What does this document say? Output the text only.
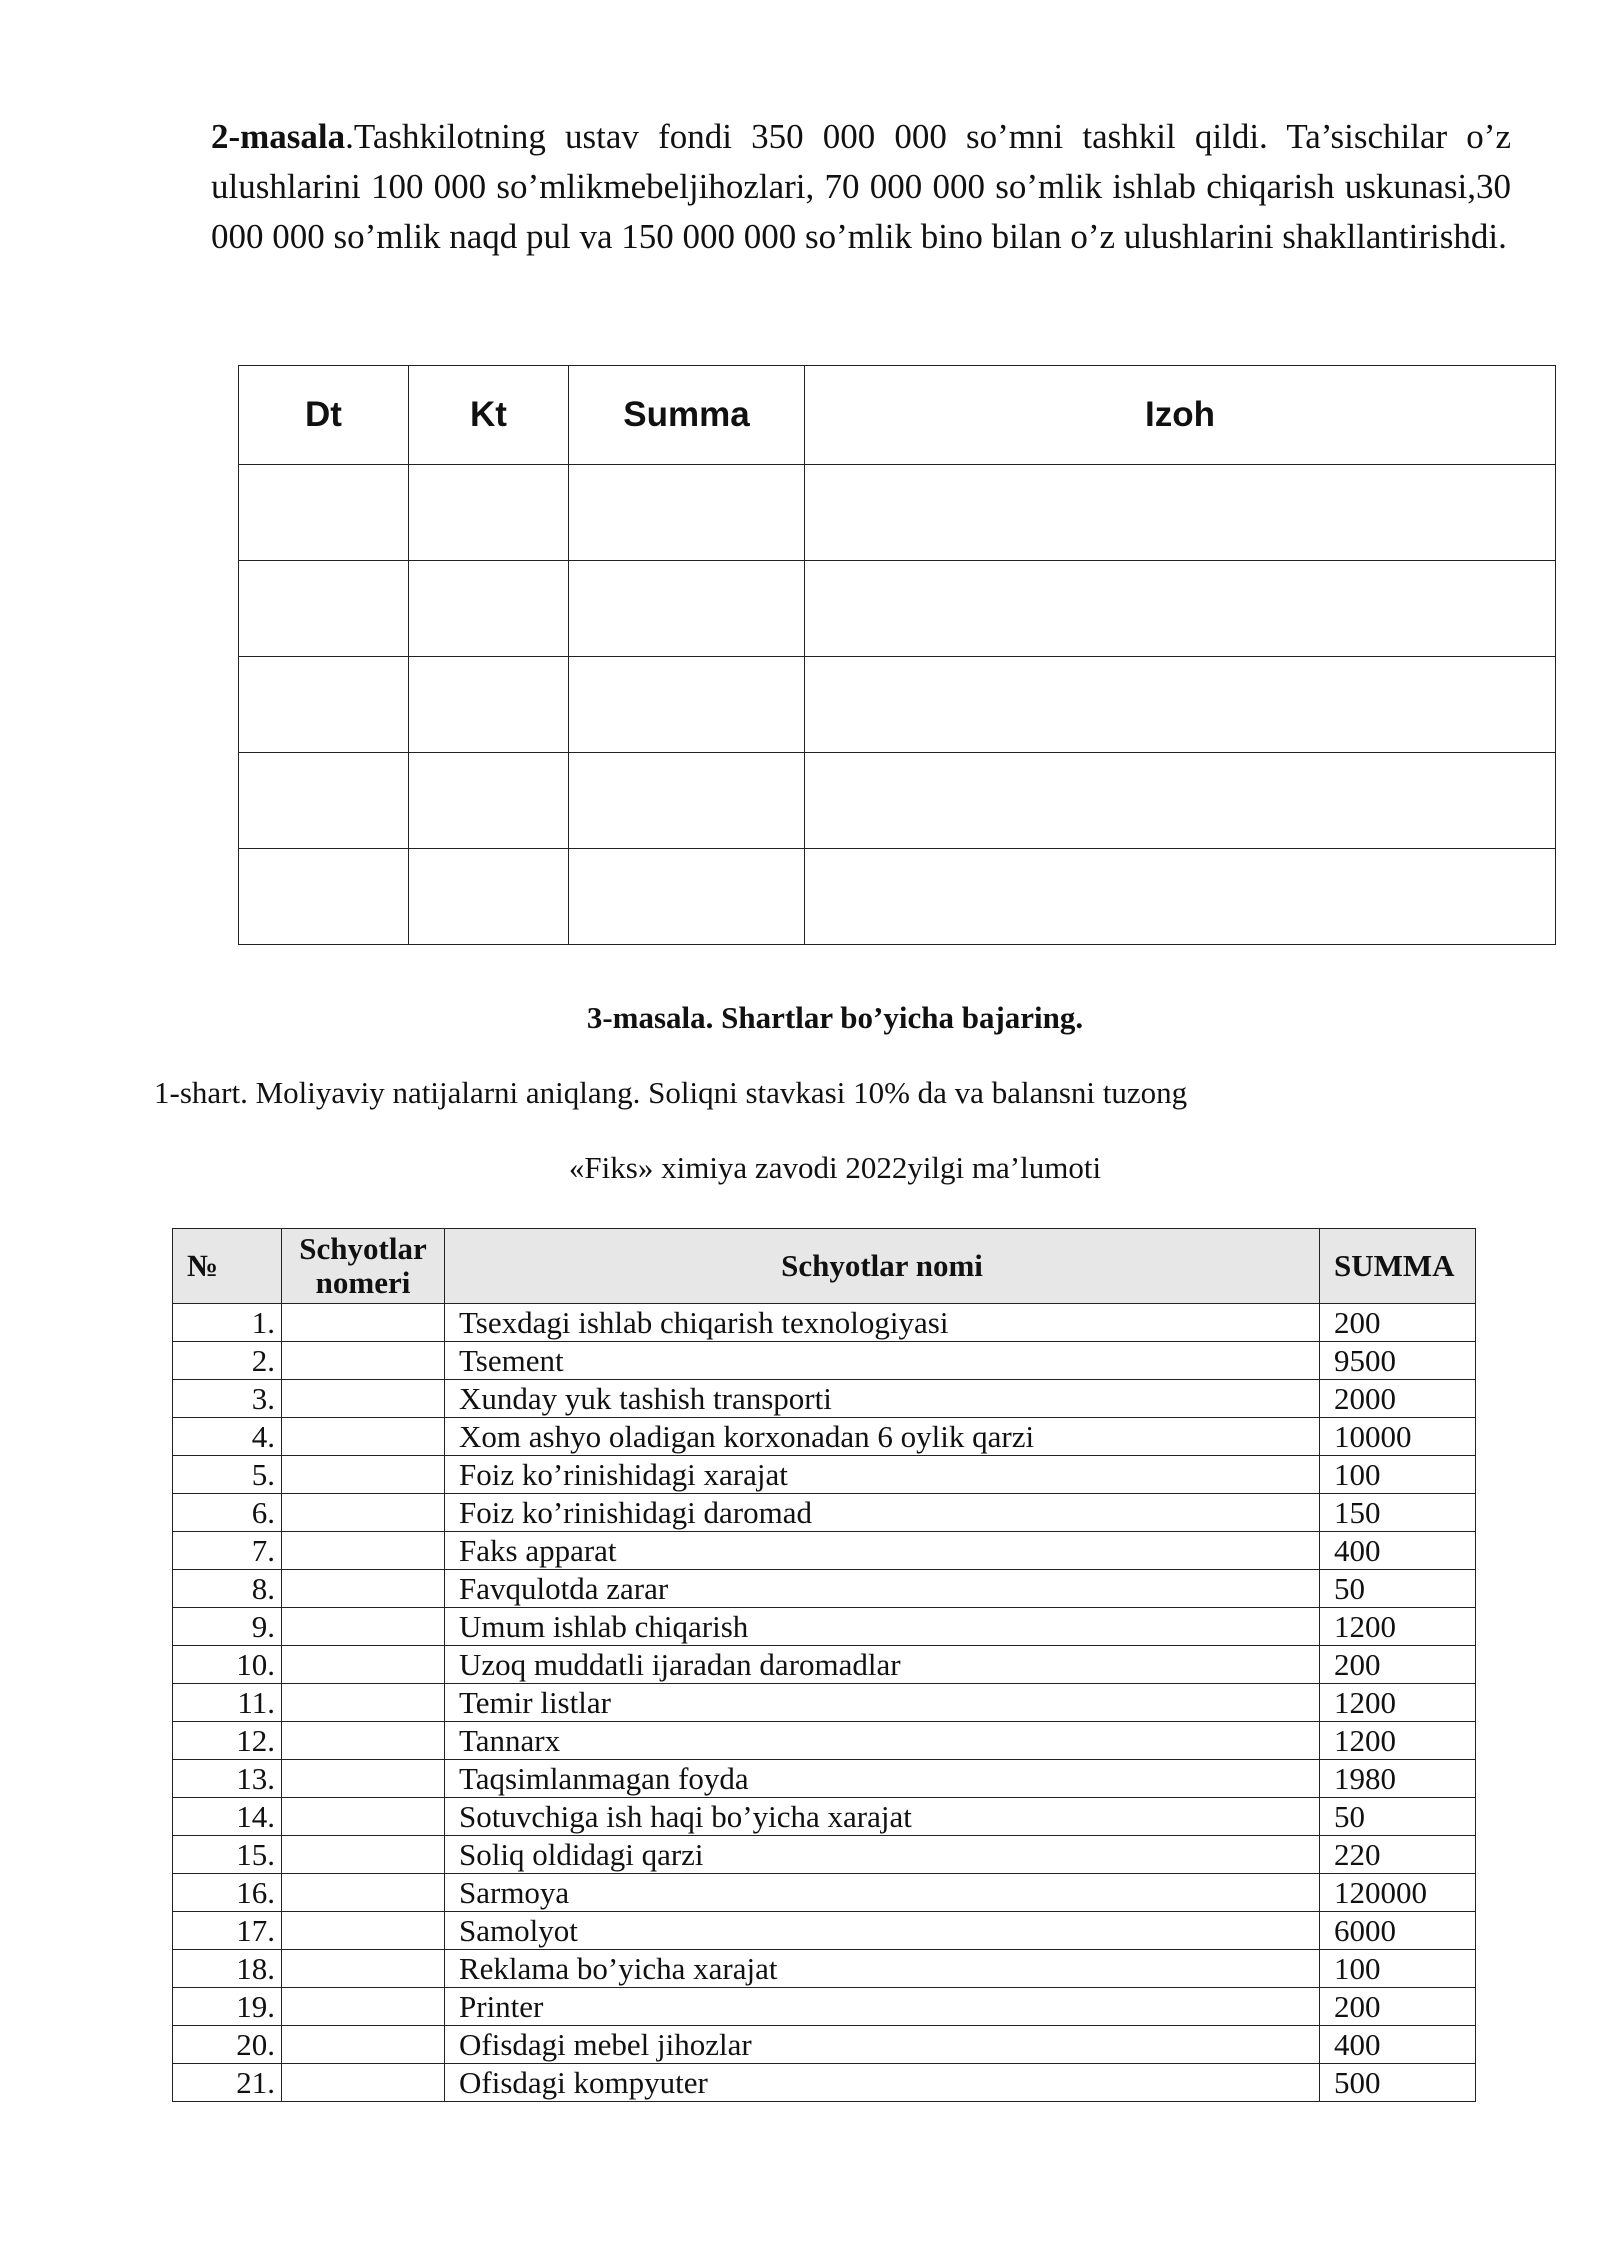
2-masala.Tashkilotning ustav fondi 350 000 000 so’mni tashkil qildi. Ta’sischilar o’z ulushlarini 100 000 so’mlikmebeljihozlari, 70 000 000 so’mlik ishlab chiqarish uskunasi,30 000 000 so’mlik naqd pul va 150 000 000 so’mlik bino bilan o’z ulushlarini shakllantirishdi.
Dt	Kt	Summa	Izoh

3-masala. Shartlar bo’yicha bajaring.
1-shart. Moliyaviy natijalarni aniqlang. Soliqni stavkasi 10% da va balansni tuzong
«Fiks» ximiya zavodi 2022yilgi ma’lumoti
№	Schyotlar nomeri	Schyotlar nomi	SUMMA
1.		Tsexdagi ishlab chiqarish texnologiyasi	200
2.		Tsement	9500
3.		Xunday yuk tashish transporti	2000
4.		Xom ashyo oladigan korxonadan 6 oylik qarzi	10000
5.		Foiz ko’rinishidagi xarajat	100
6.		Foiz ko’rinishidagi daromad	150
7.		Faks apparat	400
8.		Favqulotda zarar	50
9.		Umum ishlab chiqarish	1200
10.		Uzoq muddatli ijaradan daromadlar	200
11.		Temir listlar	1200
12.		Tannarx	1200
13.		Taqsimlanmagan foyda	1980
14.		Sotuvchiga ish haqi bo’yicha xarajat	50
15.		Soliq oldidagi qarzi	220
16.		Sarmoya	120000
17.		Samolyot	6000
18.		Reklama bo’yicha xarajat	100
19.		Printer	200
20.		Ofisdagi mebel jihozlar	400
21.		Ofisdagi kompyuter	500
